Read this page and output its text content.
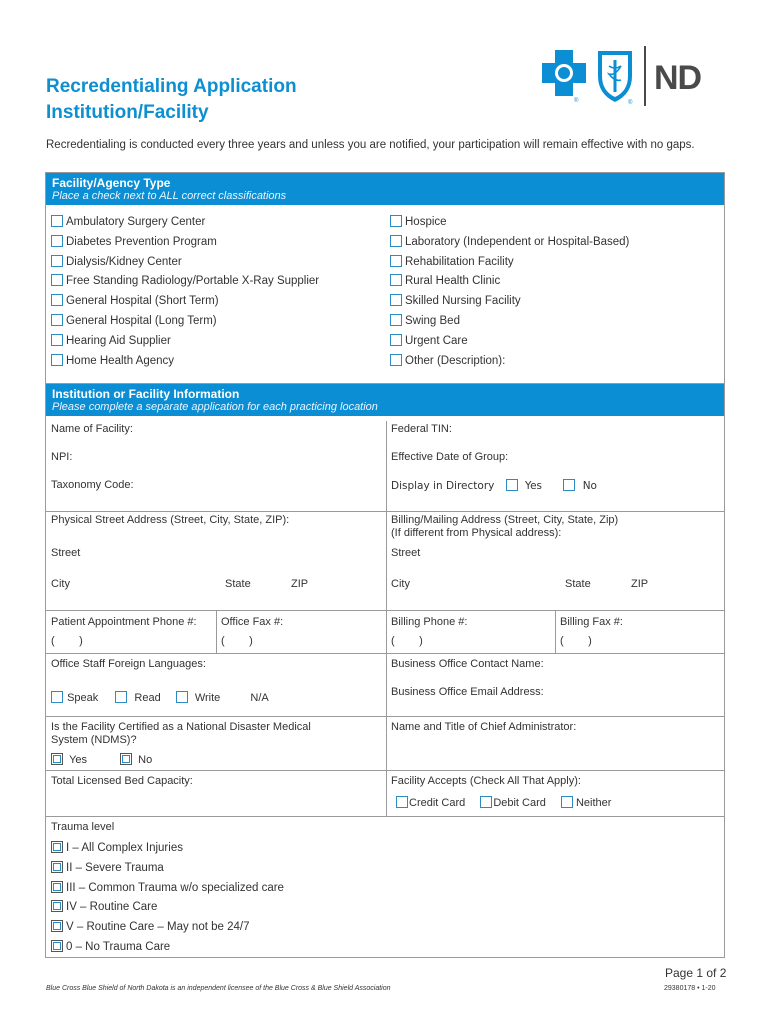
Recredentialing Application
Institution/Facility
®	®
ND
Recredentialing is conducted every three years and unless you are notified, your participation will remain effective with no gaps.
Facility/Agency Type
Place a check next to ALL correct classifications
Ambulatory Surgery Center
Diabetes Prevention Program
Dialysis/Kidney Center
Free Standing Radiology/Portable X-Ray Supplier
General Hospital (Short Term)
General Hospital (Long Term)
Hearing Aid Supplier
Home Health Agency
Hospice
Laboratory (Independent or Hospital-Based)
Rehabilitation Facility
Rural Health Clinic
Skilled Nursing Facility
Swing Bed
Urgent Care
Other (Description):
Institution or Facility Information
Please complete a separate application for each practicing location
Name of Facility:	Federal TIN:
NPI:	Effective Date of Group:
Taxonomy Code:	Display in Directory	Yes	No
Physical Street Address (Street, City, State, ZIP):	Billing/Mailing Address (Street, City, State, Zip)
(If different from Physical address):
Street	Street
City	State	ZIP	City	State	ZIP
Patient Appointment Phone #: Office Fax #:	Billing Phone #:	Billing Fax #:
(        )	(        )	(        )	(        )
Office Staff Foreign Languages:
Speak	Read	Write	N/A
Business Office Contact Name:
Business Office Email Address:
Is the Facility Certified as a National Disaster Medical
System (NDMS)?
Yes	No
Name and Title of Chief Administrator:
Total Licensed Bed Capacity:	Facility Accepts (Check All That Apply):
Credit Card	Debit Card	Neither
Trauma level
I – All Complex Injuries
II – Severe Trauma
III – Common Trauma w/o specialized care
IV – Routine Care
V – Routine Care – May not be 24/7
0 – No Trauma Care
Page 1 of 2
Blue Cross Blue Shield of North Dakota is an independent licensee of the Blue Cross & Blue Shield Association	29380178 • 1-20
